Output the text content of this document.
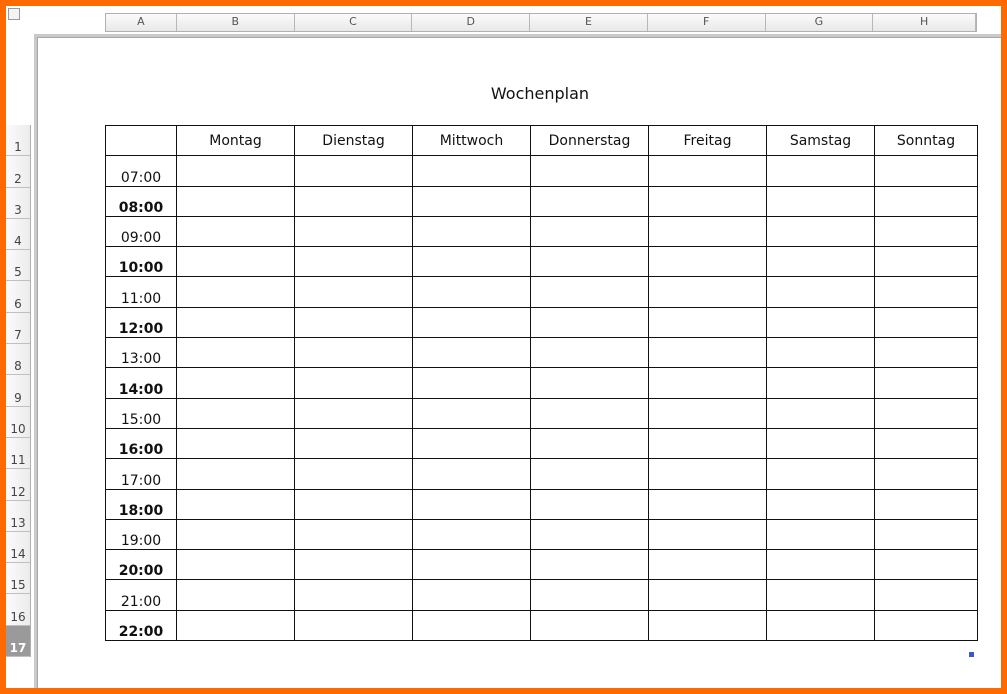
A	B	C	D	E	F	G	H
1
2
3
4
5
6
7
8
9
10
11
12
13
14
15
16
17
Wochenplan
	Montag	Dienstag	Mittwoch	Donnerstag	Freitag	Samstag	Sonntag
07:00							
08:00							
09:00							
10:00							
11:00							
12:00							
13:00							
14:00							
15:00							
16:00							
17:00							
18:00							
19:00							
20:00							
21:00							
22:00							
